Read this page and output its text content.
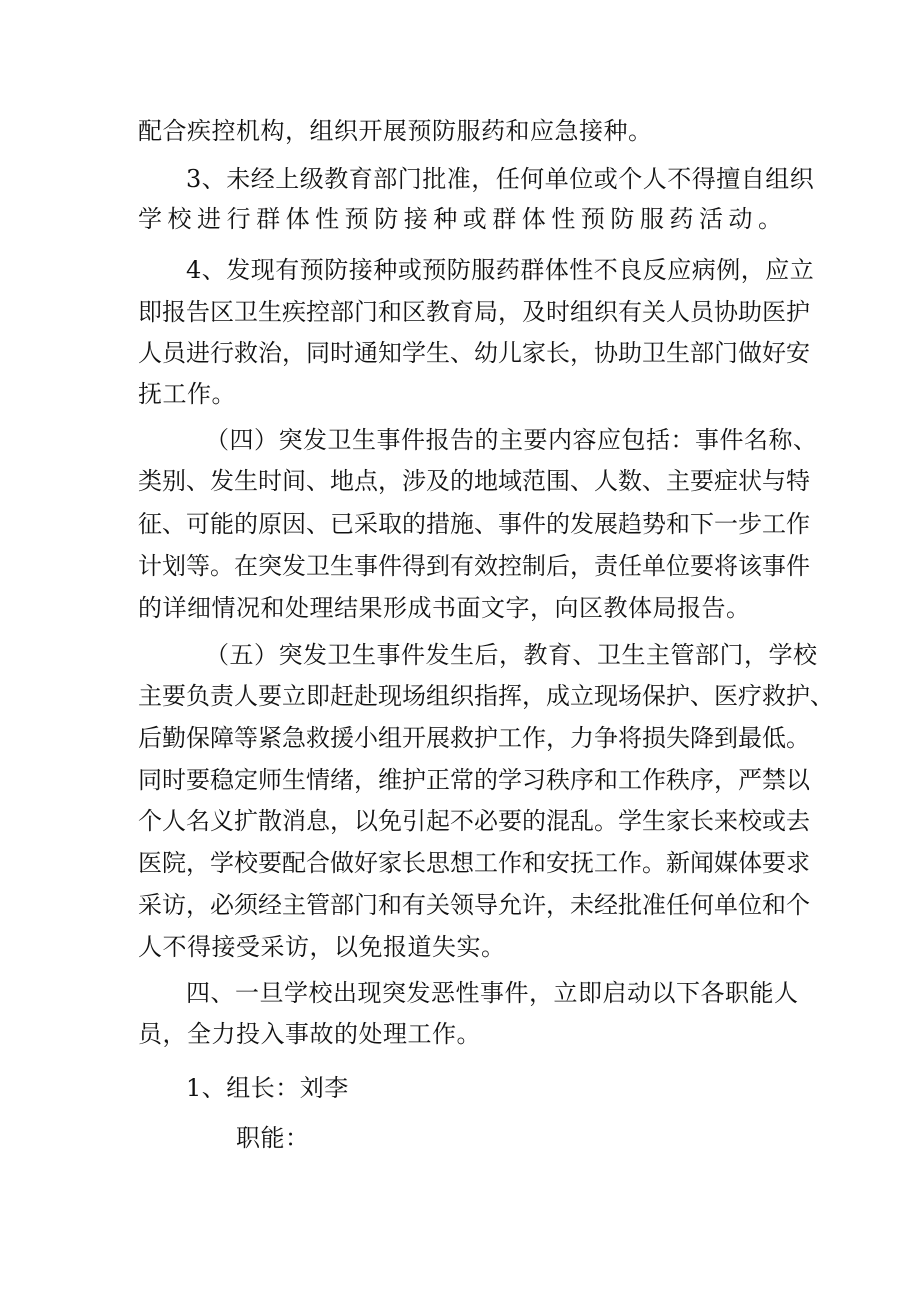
配合疾控机构，组织开展预防服药和应急接种。
3、未经上级教育部门批准，任何单位或个人不得擅自组织
学校进行群体性预防接种或群体性预防服药活动。
4、发现有预防接种或预防服药群体性不良反应病例，应立
即报告区卫生疾控部门和区教育局，及时组织有关人员协助医护
人员进行救治，同时通知学生、幼儿家长，协助卫生部门做好安
抚工作。
（四）突发卫生事件报告的主要内容应包括：事件名称、
类别、发生时间、地点，涉及的地域范围、人数、主要症状与特
征、可能的原因、已采取的措施、事件的发展趋势和下一步工作
计划等。在突发卫生事件得到有效控制后，责任单位要将该事件
的详细情况和处理结果形成书面文字，向区教体局报告。
（五）突发卫生事件发生后，教育、卫生主管部门，学校
主要负责人要立即赶赴现场组织指挥，成立现场保护、医疗救护、
后勤保障等紧急救援小组开展救护工作，力争将损失降到最低。
同时要稳定师生情绪，维护正常的学习秩序和工作秩序，严禁以
个人名义扩散消息，以免引起不必要的混乱。学生家长来校或去
医院，学校要配合做好家长思想工作和安抚工作。新闻媒体要求
采访，必须经主管部门和有关领导允许，未经批准任何单位和个
人不得接受采访，以免报道失实。
四、一旦学校出现突发恶性事件，立即启动以下各职能人
员，全力投入事故的处理工作。
1、组长：刘李
职能：
